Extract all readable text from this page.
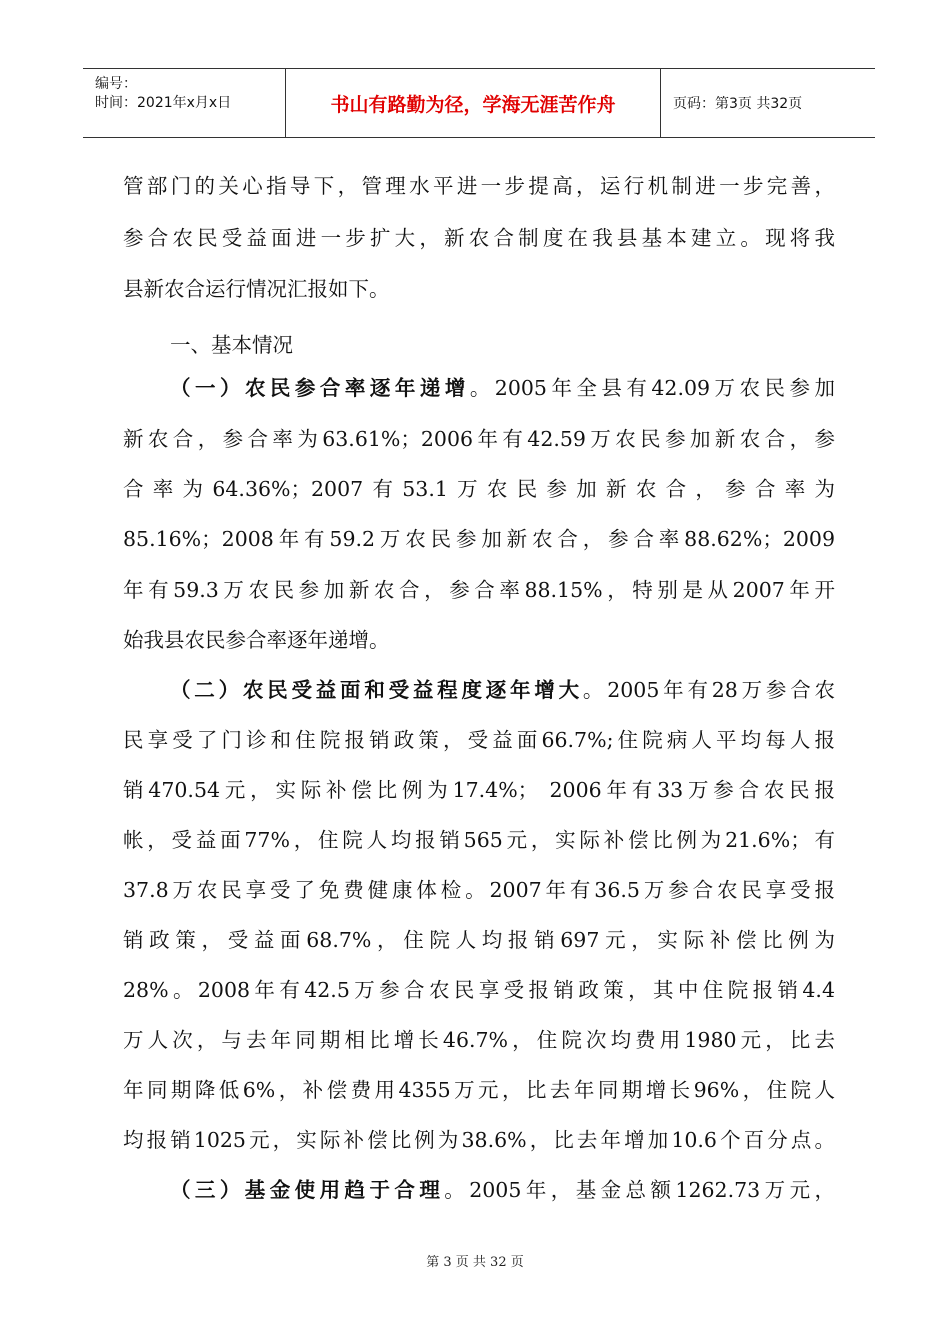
编号：
时间：2021年x月x日	书山有路勤为径，学海无涯苦作舟	页码：第3页 共32页
管部门的关心指导下，管理水平进一步提高，运行机制进一步完善，
参合农民受益面进一步扩大，新农合制度在我县基本建立。现将我
县新农合运行情况汇报如下。
一、基本情况
（一）农民参合率逐年递增。2005年全县有42.09万农民参加
新农合，参合率为63.61%；2006年有42.59万农民参加新农合，参
合率为64.36%；2007有53.1万农民参加新农合，参合率为
85.16%；2008年有59.2万农民参加新农合，参合率88.62%；2009
年有59.3万农民参加新农合，参合率88.15%，特别是从2007年开
始我县农民参合率逐年递增。
（二）农民受益面和受益程度逐年增大。2005年有28万参合农
民享受了门诊和住院报销政策，受益面66.7%;住院病人平均每人报
销470.54元，实际补偿比例为17.4%； 2006年有33万参合农民报
帐，受益面77%，住院人均报销565元，实际补偿比例为21.6%；有
37.8万农民享受了免费健康体检。2007年有36.5万参合农民享受报
销政策，受益面68.7%，住院人均报销697元，实际补偿比例为
28%。2008年有42.5万参合农民享受报销政策，其中住院报销4.4
万人次，与去年同期相比增长46.7%，住院次均费用1980元，比去
年同期降低6%，补偿费用4355万元，比去年同期增长96%，住院人
均报销1025元，实际补偿比例为38.6%，比去年增加10.6个百分点。
（三）基金使用趋于合理。2005年，基金总额1262.73万元，
第 3 页 共 32 页
